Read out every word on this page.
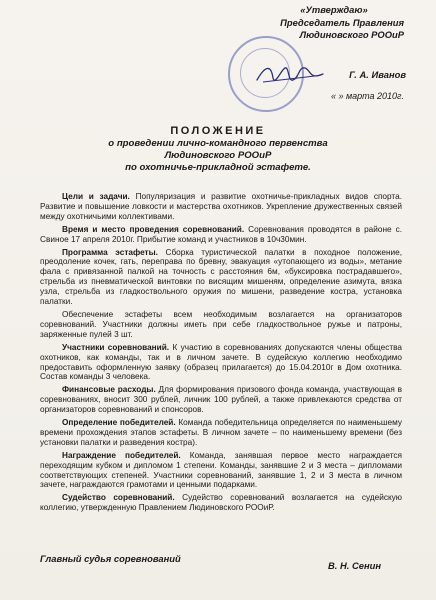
«Утверждаю»
Председатель Правления
Людиновского РООиР
Г. А. Иванов
« » марта 2010г.
ПОЛОЖЕНИЕ
о проведении лично-командного первенства
Людиновского РООиР
по охотничье-прикладной эстафете.

Цели и задачи. Популяризация и развитие охотничье-прикладных видов спорта. Развитие и повышение ловкости и мастерства охотников. Укрепление дружественных связей между охотничьими коллективами.

Время и место проведения соревнований. Соревнования проводятся в районе с. Свиное 17 апреля 2010г. Прибытие команд и участников в 10ч30мин.

Программа эстафеты. Сборка туристической палатки в походное положение, преодоление кочек, гать, переправа по бревну, эвакуация «утопающего из воды», метание фала с привязанной палкой на точность с расстояния 6м, «буксировка пострадавшего», стрельба из пневматической винтовки по висящим мишеням, определение азимута, вязка узла, стрельба из гладкоствольного оружия по мишени, разведение костра, установка палатки.

Обеспечение эстафеты всем необходимым возлагается на организаторов соревнований. Участники должны иметь при себе гладкоствольное ружье и патроны, заряженные пулей 3 шт.

Участники соревнований. К участию в соревнованиях допускаются члены общества охотников, как команды, так и в личном зачете. В судейскую коллегию необходимо предоставить оформленную заявку (образец прилагается) до 15.04.2010г в Дом охотника. Состав команды 3 человека.

Финансовые расходы. Для формирования призового фонда команда, участвующая в соревнованиях, вносит 300 рублей, личник 100 рублей, а также привлекаются средства от организаторов соревнований и спонсоров.

Определение победителей. Команда победительница определяется по наименьшему времени прохождения этапов эстафеты. В личном зачете – по наименьшему времени (без установки палатки и разведения костра).

Награждение победителей. Команда, занявшая первое место награждается переходящим кубком и дипломом 1 степени. Команды, занявшие 2 и 3 места – дипломами соответствующих степеней. Участники соревнований, занявшие 1, 2 и 3 места в личном зачете, награждаются грамотами и ценными подарками.

Судейство соревнований. Судейство соревнований возлагается на судейскую коллегию, утвержденную Правлением Людиновского РООиР.

Главный судья соревнований
В. Н. Сенин
